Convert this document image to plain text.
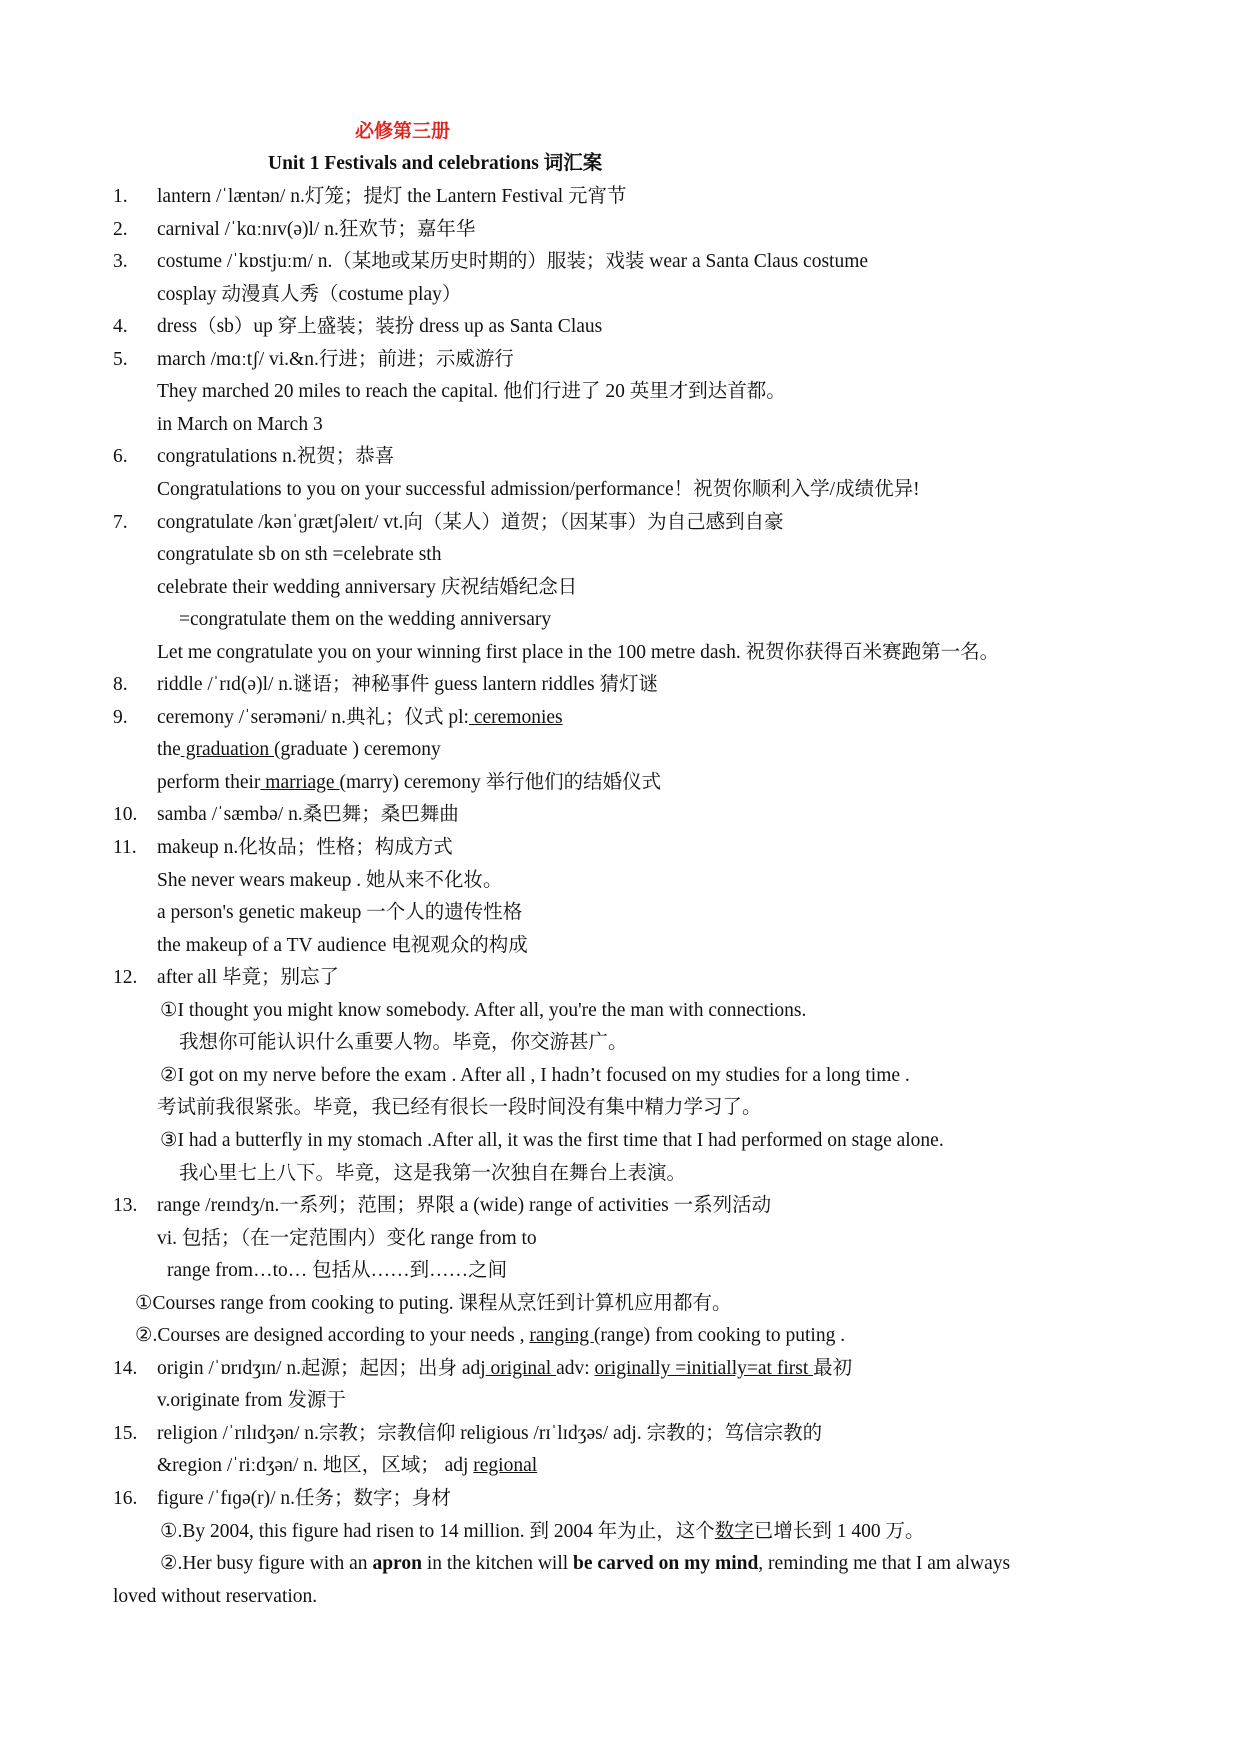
必修第三册
Unit 1 Festivals and celebrations 词汇案
1. lantern /ˈlæntən/ n.灯笼；提灯 the Lantern Festival 元宵节
2. carnival /ˈkɑːnɪv(ə)l/ n.狂欢节；嘉年华
3. costume /ˈkɒstjuːm/ n.（某地或某历史时期的）服装；戏装 wear a Santa Claus costume
cosplay 动漫真人秀（costume play）
4. dress（sb）up 穿上盛装；装扮 dress up as Santa Claus
5. march /mɑːtʃ/ vi.&n.行进；前进；示威游行
They marched 20 miles to reach the capital. 他们行进了 20 英里才到达首都。
in March on March 3
6. congratulations n.祝贺；恭喜
Congratulations to you on your successful admission/performance！祝贺你顺利入学/成绩优异!
7. congratulate /kənˈɡrætʃəleɪt/ vt.向（某人）道贺；（因某事）为自己感到自豪
congratulate sb on sth =celebrate sth
celebrate their wedding anniversary 庆祝结婚纪念日
=congratulate them on the wedding anniversary
Let me congratulate you on your winning first place in the 100 metre dash. 祝贺你获得百米赛跑第一名。
8. riddle /ˈrɪd(ə)l/ n.谜语；神秘事件 guess lantern riddles 猜灯谜
9. ceremony /ˈserəməni/ n.典礼；仪式 pl: ceremonies
the graduation (graduate ) ceremony
perform their marriage (marry) ceremony 举行他们的结婚仪式
10. samba /ˈsæmbə/ n.桑巴舞；桑巴舞曲
11. makeup n.化妆品；性格；构成方式
She never wears makeup . 她从来不化妆。
a person's genetic makeup 一个人的遗传性格
the makeup of a TV audience 电视观众的构成
12. after all 毕竟；别忘了
①I thought you might know somebody. After all, you're the man with connections.
我想你可能认识什么重要人物。毕竟，你交游甚广。
②I got on my nerve before the exam . After all , I hadn’t focused on my studies for a long time .
考试前我很紧张。毕竟，我已经有很长一段时间没有集中精力学习了。
③I had a butterfly in my stomach .After all, it was the first time that I had performed on stage alone.
我心里七上八下。毕竟，这是我第一次独自在舞台上表演。
13. range /reɪndʒ/n.一系列；范围；界限 a (wide) range of activities 一系列活动
vi. 包括；（在一定范围内）变化 range from to
range from…to… 包括从……到……之间
①Courses range from cooking to puting. 课程从烹饪到计算机应用都有。
②.Courses are designed according to your needs , ranging (range) from cooking to puting .
14. origin /ˈɒrɪdʒɪn/ n.起源；起因；出身 adj original adv: originally =initially=at first 最初
v.originate from 发源于
15. religion /ˈrɪlɪdʒən/ n.宗教；宗教信仰 religious /rɪˈlɪdʒəs/ adj. 宗教的；笃信宗教的
&region /ˈriːdʒən/ n. 地区，区域； adj regional
16. figure /ˈfɪɡə(r)/ n.任务；数字；身材
①.By 2004, this figure had risen to 14 million. 到 2004 年为止，这个数字已增长到 1 400 万。
②.Her busy figure with an apron in the kitchen will be carved on my mind, reminding me that I am always
loved without reservation.
